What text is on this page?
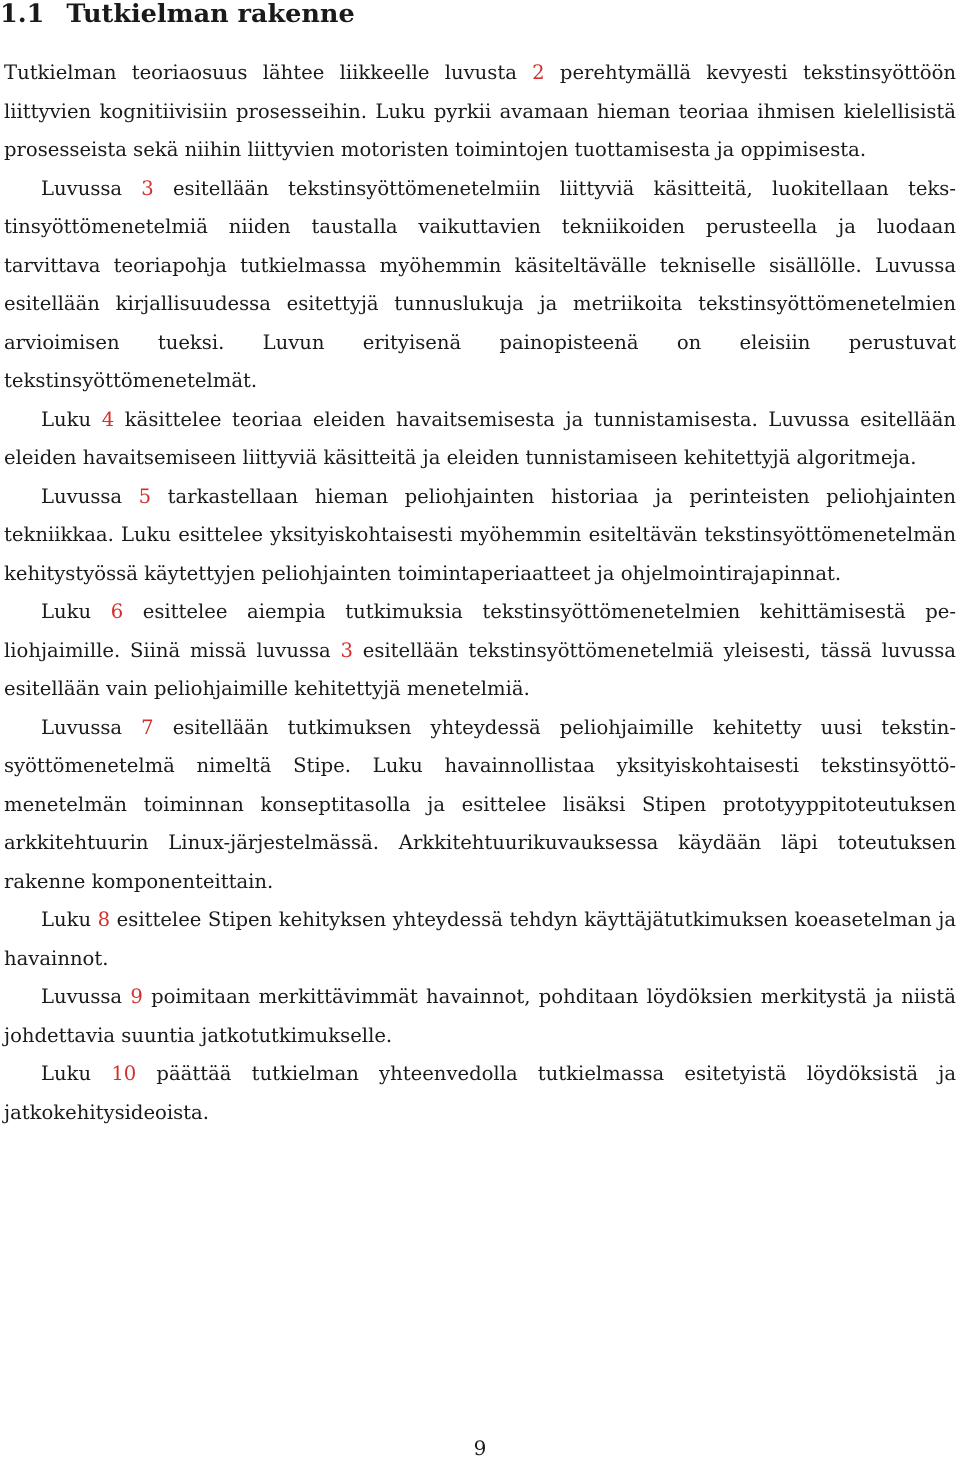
1.1 Tutkielman rakenne

Tutkielman teoriaosuus lähtee liikkeelle luvusta 2 perehtymällä kevyesti tekstinsyöttöön liittyvien kognitiivisiin prosesseihin. Luku pyrkii avamaan hieman teoriaa ihmisen kielellisistä prosesseista sekä niihin liittyvien motoristen toimintojen tuottamisesta ja oppimisesta.

Luvussa 3 esitellään tekstinsyöttömenetelmiin liittyviä käsitteitä, luokitellaan tekstinsyöttömenetelmiä niiden taustalla vaikuttavien tekniikoiden perusteella ja luodaan tarvittava teoriapohja tutkielmassa myöhemmin käsiteltävälle tekniselle sisällölle. Luvussa esitellään kirjallisuudessa esitettyjä tunnuslukuja ja metriikoita tekstinsyöttömenetelmien arvioimisen tueksi. Luvun erityisenä painopisteenä on eleisiin perustuvat tekstinsyöttömenetelmät.

Luku 4 käsittelee teoriaa eleiden havaitsemisesta ja tunnistamisesta. Luvussa esitellään eleiden havaitsemiseen liittyviä käsitteitä ja eleiden tunnistamiseen kehitettyjä algoritmeja.

Luvussa 5 tarkastellaan hieman peliohjainten historiaa ja perinteisten peliohjainten tekniikkaa. Luku esittelee yksityiskohtaisesti myöhemmin esiteltävän tekstinsyöttömenetelmän kehitystyössä käytettyjen peliohjainten toimintaperiaatteet ja ohjelmointirajapinnat.

Luku 6 esittelee aiempia tutkimuksia tekstinsyöttömenetelmien kehittämisestä peliohjaimille. Siinä missä luvussa 3 esitellään tekstinsyöttömenetelmiä yleisesti, tässä luvussa esitellään vain peliohjaimille kehitettyjä menetelmiä.

Luvussa 7 esitellään tutkimuksen yhteydessä peliohjaimille kehitetty uusi tekstinsyöttömenetelmä nimeltä Stipe. Luku havainnollistaa yksityiskohtaisesti tekstinsyöttömenetelmän toiminnan konseptitasolla ja esittelee lisäksi Stipen prototyyppitoteutuksen arkkitehtuurin Linux-järjestelmässä. Arkkitehtuurikuvauksessa käydään läpi toteutuksen rakenne komponenteittain.

Luku 8 esittelee Stipen kehityksen yhteydessä tehdyn käyttäjätutkimuksen koeasetelman ja havainnot.

Luvussa 9 poimitaan merkittävimmät havainnot, pohditaan löydöksien merkitystä ja niistä johdettavia suuntia jatkotutkimukselle.

Luku 10 päättää tutkielman yhteenvedolla tutkielmassa esitetyistä löydöksistä ja jatkokehitysideoista.

9
